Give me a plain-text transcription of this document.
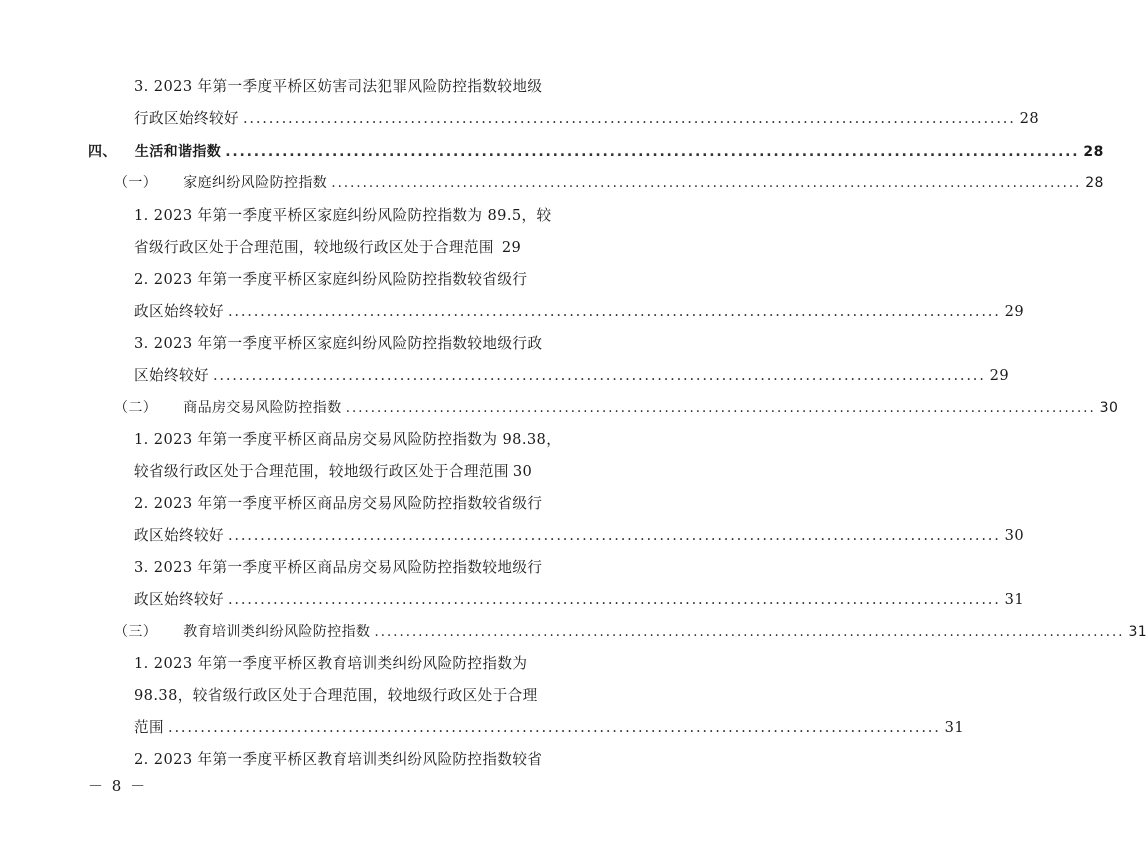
3. 2023 年第一季度平桥区妨害司法犯罪风险防控指数较地级
行政区始终较好 ........................................................................................................................ 28
四、 生活和谐指数 ........................................................................................................................ 28
（一） 家庭纠纷风险防控指数 ........................................................................................................................ 28
1. 2023 年第一季度平桥区家庭纠纷风险防控指数为 89.5，较
省级行政区处于合理范围，较地级行政区处于合理范围 29
2. 2023 年第一季度平桥区家庭纠纷风险防控指数较省级行
政区始终较好 ........................................................................................................................ 29
3. 2023 年第一季度平桥区家庭纠纷风险防控指数较地级行政
区始终较好 ........................................................................................................................ 29
（二） 商品房交易风险防控指数 ........................................................................................................................ 30
1. 2023 年第一季度平桥区商品房交易风险防控指数为 98.38，
较省级行政区处于合理范围，较地级行政区处于合理范围 30
2. 2023 年第一季度平桥区商品房交易风险防控指数较省级行
政区始终较好 ........................................................................................................................ 30
3. 2023 年第一季度平桥区商品房交易风险防控指数较地级行
政区始终较好 ........................................................................................................................ 31
（三） 教育培训类纠纷风险防控指数 ........................................................................................................................ 31
1. 2023 年第一季度平桥区教育培训类纠纷风险防控指数为
98.38，较省级行政区处于合理范围，较地级行政区处于合理
范围 ........................................................................................................................ 31
2. 2023 年第一季度平桥区教育培训类纠纷风险防控指数较省
－ 8 －
